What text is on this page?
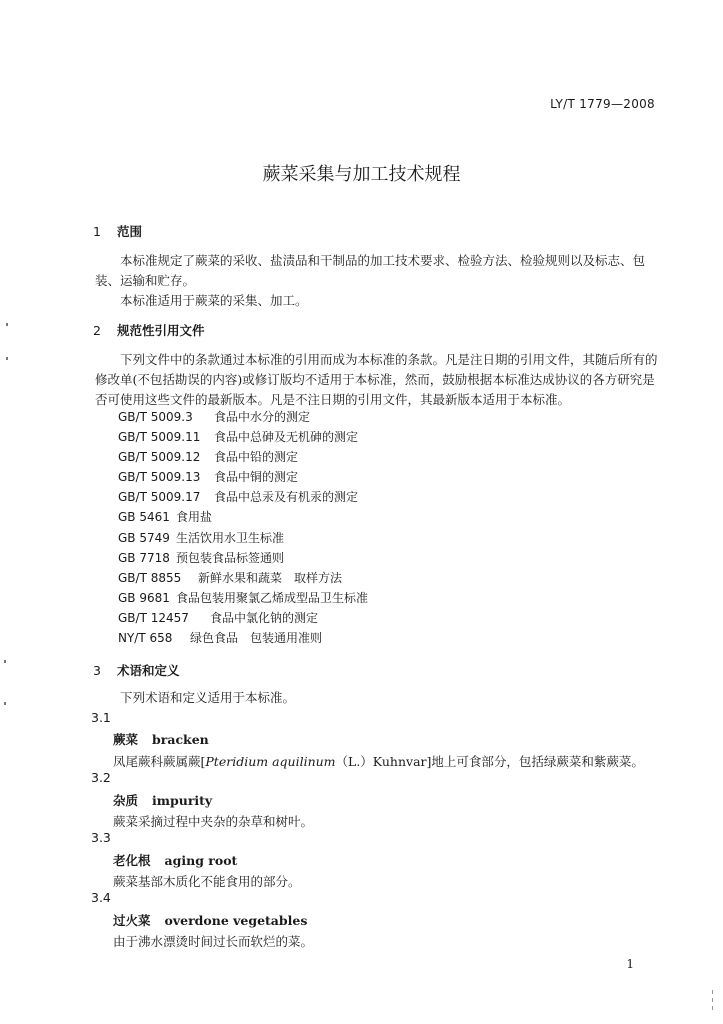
LY/T 1779—2008
蕨菜采集与加工技术规程
1 范围
本标准规定了蕨菜的采收、盐渍品和干制品的加工技术要求、检验方法、检验规则以及标志、包装、运输和贮存。
本标准适用于蕨菜的采集、加工。
2 规范性引用文件
下列文件中的条款通过本标准的引用而成为本标准的条款。凡是注日期的引用文件，其随后所有的修改单(不包括勘误的内容)或修订版均不适用于本标准，然而，鼓励根据本标准达成协议的各方研究是否可使用这些文件的最新版本。凡是不注日期的引用文件，其最新版本适用于本标准。
GB/T 5009.3 食品中水分的测定
GB/T 5009.11 食品中总砷及无机砷的测定
GB/T 5009.12 食品中铅的测定
GB/T 5009.13 食品中铜的测定
GB/T 5009.17 食品中总汞及有机汞的测定
GB 5461 食用盐
GB 5749 生活饮用水卫生标准
GB 7718 预包装食品标签通则
GB/T 8855 新鲜水果和蔬菜　取样方法
GB 9681 食品包装用聚氯乙烯成型品卫生标准
GB/T 12457 食品中氯化钠的测定
NY/T 658 绿色食品　包装通用准则
3 术语和定义
下列术语和定义适用于本标准。
3.1
蕨菜 bracken
凤尾蕨科蕨属蕨[Pteridium aquilinum（L.）Kuhnvar]地上可食部分，包括绿蕨菜和紫蕨菜。
3.2
杂质 impurity
蕨菜采摘过程中夹杂的杂草和树叶。
3.3
老化根 aging root
蕨菜基部木质化不能食用的部分。
3.4
过火菜 overdone vegetables
由于沸水漂烫时间过长而软烂的菜。
1
